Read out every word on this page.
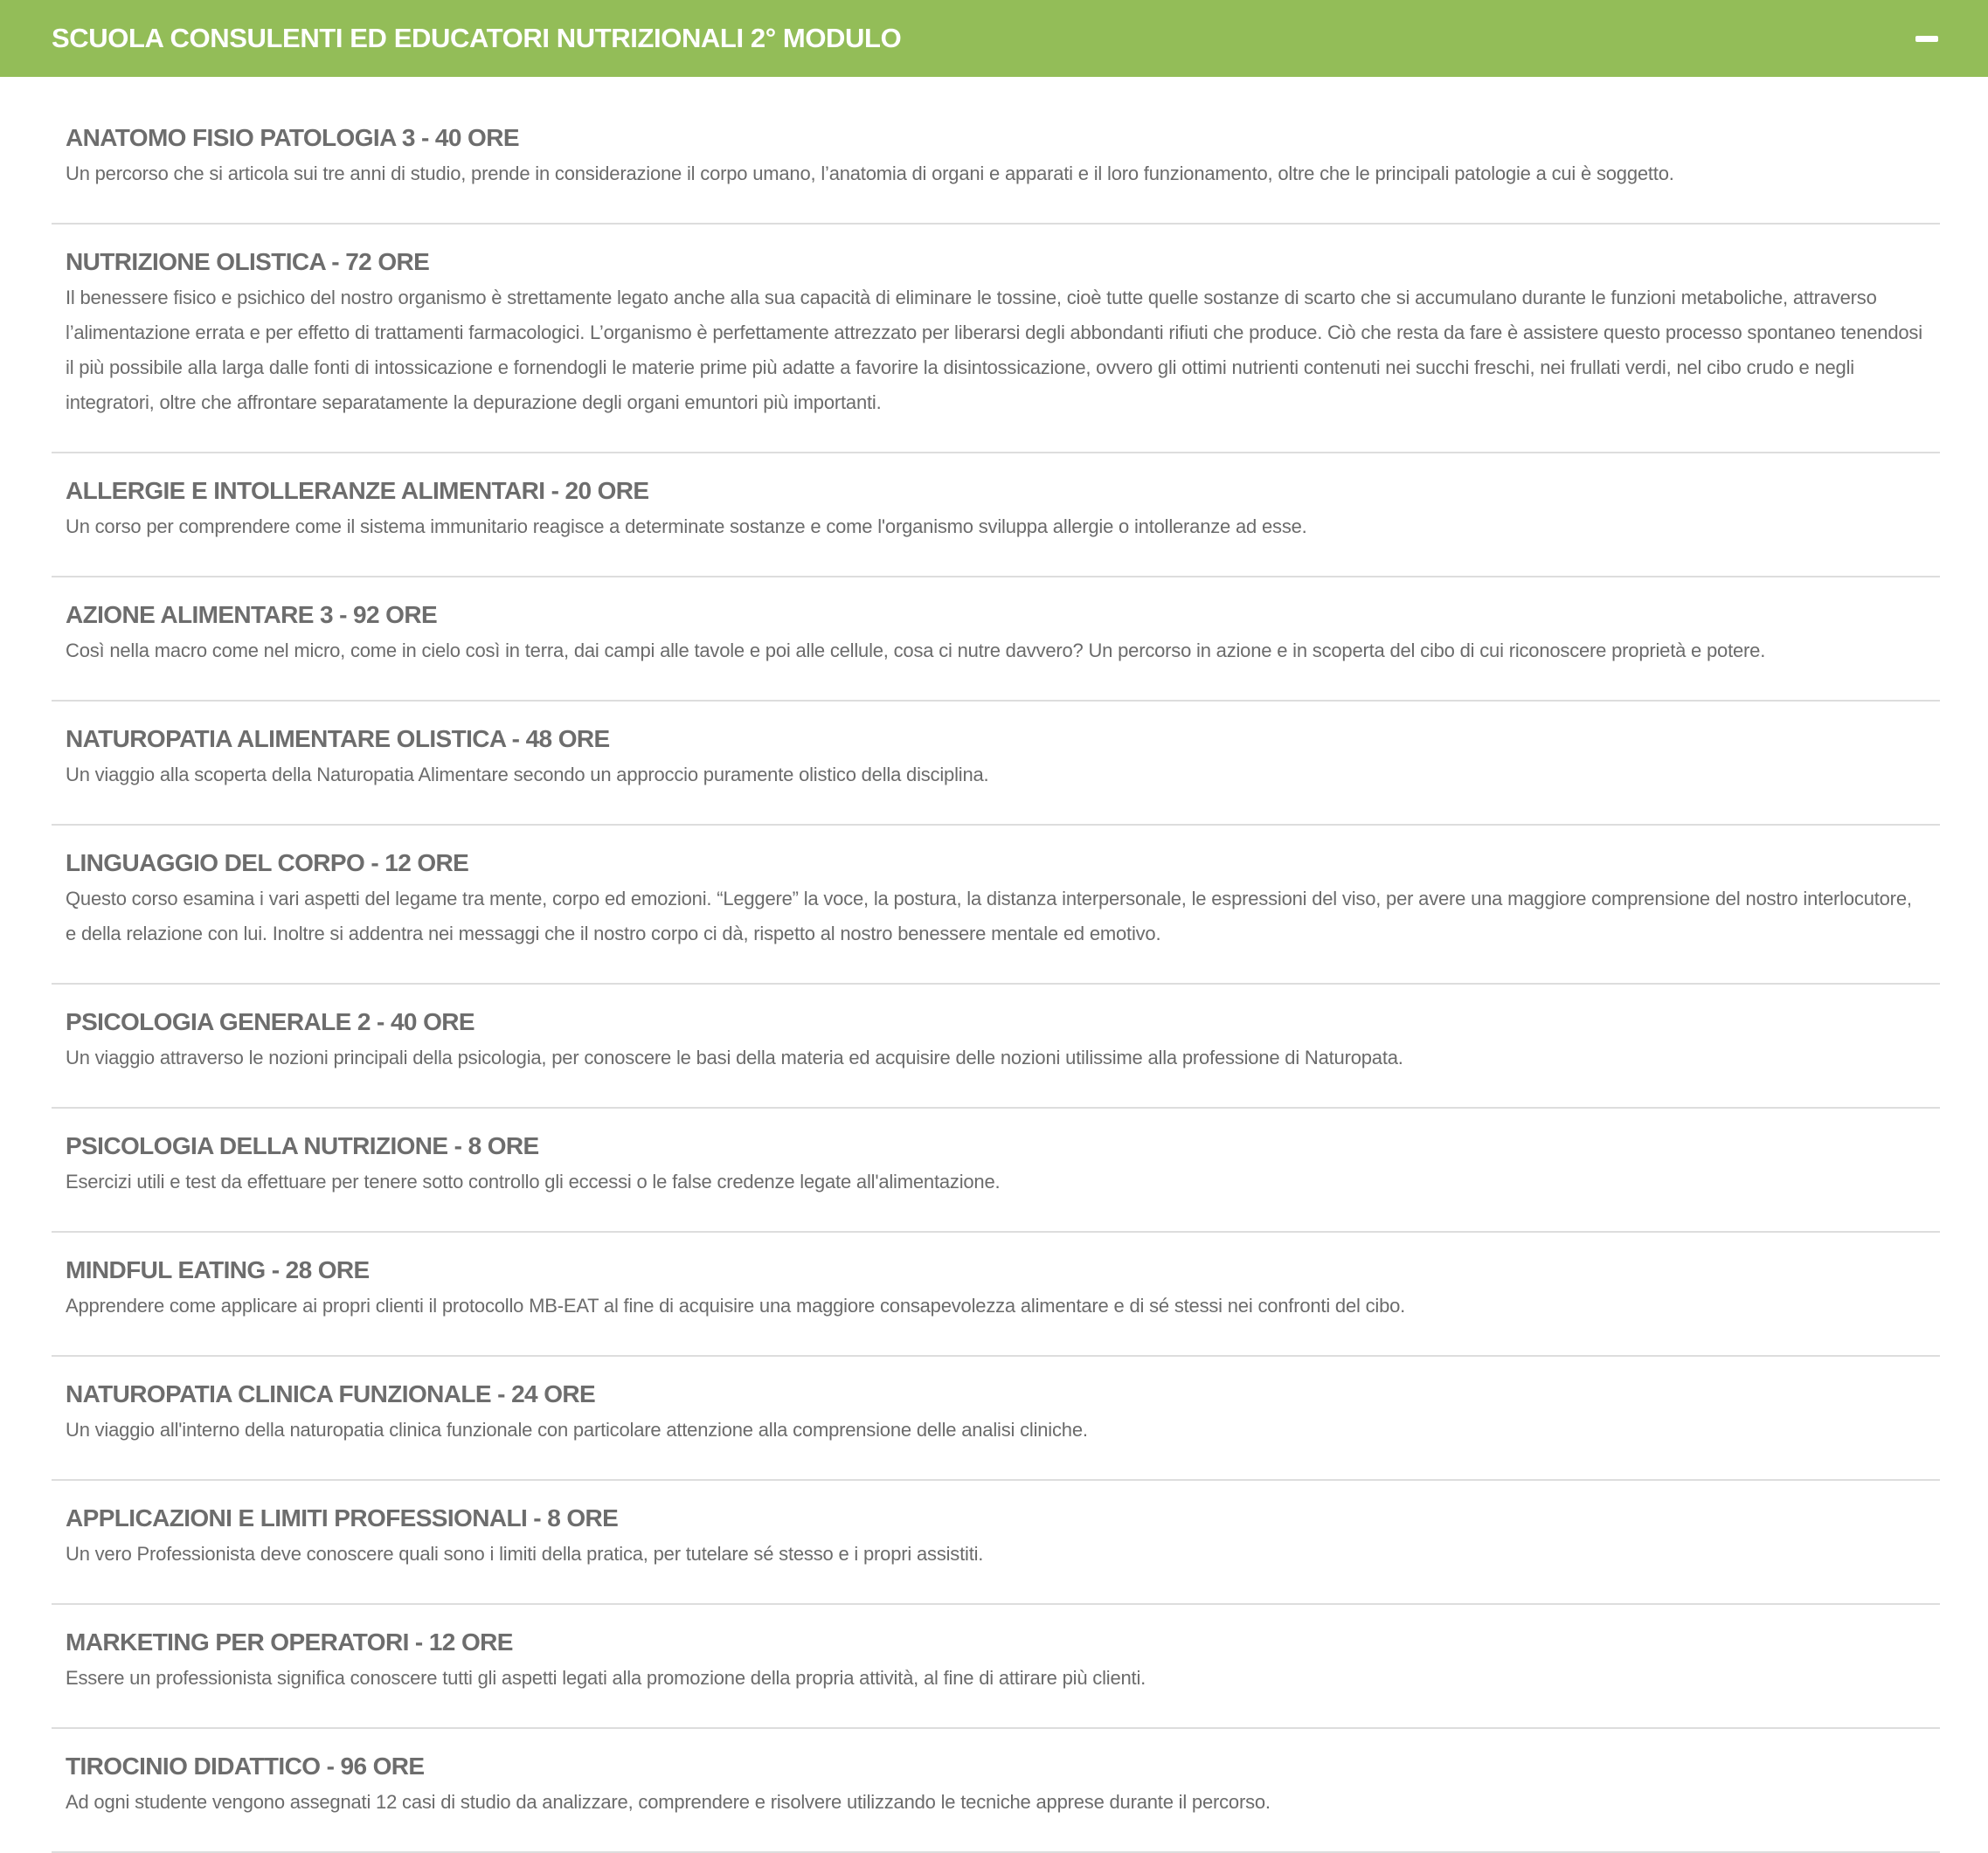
SCUOLA CONSULENTI ED EDUCATORI NUTRIZIONALI 2° MODULO
ANATOMO FISIO PATOLOGIA 3 - 40 ORE

Un percorso che si articola sui tre anni di studio, prende in considerazione il corpo umano, l’anatomia di organi e apparati e il loro funzionamento, oltre che le principali patologie a cui è soggetto.

NUTRIZIONE OLISTICA - 72 ORE

Il benessere fisico e psichico del nostro organismo è strettamente legato anche alla sua capacità di eliminare le tossine, cioè tutte quelle sostanze di scarto che si accumulano durante le funzioni metaboliche, attraverso l’alimentazione errata e per effetto di trattamenti farmacologici. L’organismo è perfettamente attrezzato per liberarsi degli abbondanti rifiuti che produce. Ciò che resta da fare è assistere questo processo spontaneo tenendosi il più possibile alla larga dalle fonti di intossicazione e fornendogli le materie prime più adatte a favorire la disintossicazione, ovvero gli ottimi nutrienti contenuti nei succhi freschi, nei frullati verdi, nel cibo crudo e negli integratori, oltre che affrontare separatamente la depurazione degli organi emuntori più importanti.

ALLERGIE E INTOLLERANZE ALIMENTARI - 20 ORE

Un corso per comprendere come il sistema immunitario reagisce a determinate sostanze e come l'organismo sviluppa allergie o intolleranze ad esse.

AZIONE ALIMENTARE 3 - 92 ORE

Così nella macro come nel micro, come in cielo così in terra, dai campi alle tavole e poi alle cellule, cosa ci nutre davvero? Un percorso in azione e in scoperta del cibo di cui riconoscere proprietà e potere.

NATUROPATIA ALIMENTARE OLISTICA - 48 ORE

Un viaggio alla scoperta della Naturopatia Alimentare secondo un approccio puramente olistico della disciplina.

LINGUAGGIO DEL CORPO - 12 ORE

Questo corso esamina i vari aspetti del legame tra mente, corpo ed emozioni. “Leggere” la voce, la postura, la distanza interpersonale, le espressioni del viso, per avere una maggiore comprensione del nostro interlocutore, e della relazione con lui. Inoltre si addentra nei messaggi che il nostro corpo ci dà, rispetto al nostro benessere mentale ed emotivo.

PSICOLOGIA GENERALE 2 - 40 ORE

Un viaggio attraverso le nozioni principali della psicologia, per conoscere le basi della materia ed acquisire delle nozioni utilissime alla professione di Naturopata.

PSICOLOGIA DELLA NUTRIZIONE - 8 ORE

Esercizi utili e test da effettuare per tenere sotto controllo gli eccessi o le false credenze legate all'alimentazione.

MINDFUL EATING - 28 ORE

Apprendere come applicare ai propri clienti il protocollo MB-EAT al fine di acquisire una maggiore consapevolezza alimentare e di sé stessi nei confronti del cibo.

NATUROPATIA CLINICA FUNZIONALE - 24 ORE

Un viaggio all'interno della naturopatia clinica funzionale con particolare attenzione alla comprensione delle analisi cliniche.

APPLICAZIONI E LIMITI PROFESSIONALI - 8 ORE

Un vero Professionista deve conoscere quali sono i limiti della pratica, per tutelare sé stesso e i propri assistiti.

MARKETING PER OPERATORI - 12 ORE

Essere un professionista significa conoscere tutti gli aspetti legati alla promozione della propria attività, al fine di attirare più clienti.

TIROCINIO DIDATTICO - 96 ORE

Ad ogni studente vengono assegnati 12 casi di studio da analizzare, comprendere e risolvere utilizzando le tecniche apprese durante il percorso.
